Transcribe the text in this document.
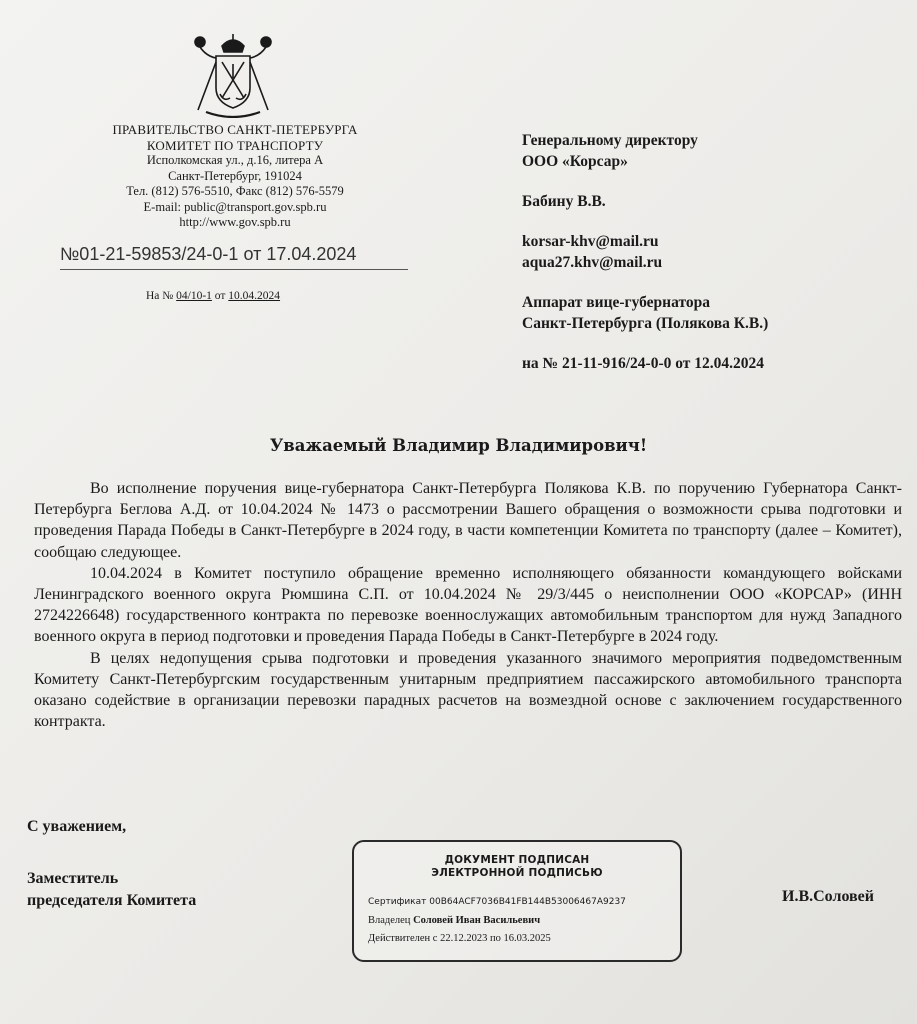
ПРАВИТЕЛЬСТВО САНКТ-ПЕТЕРБУРГА
КОМИТЕТ ПО ТРАНСПОРТУ
Исполкомская ул., д.16, литера А
Санкт-Петербург, 191024
Тел. (812) 576-5510, Факс (812) 576-5579
E-mail: public@transport.gov.spb.ru
http://www.gov.spb.ru
№01-21-59853/24-0-1 от 17.04.2024
На № 04/10-1 от 10.04.2024
Генеральному директору
ООО «Корсар»
Бабину В.В.
korsar-khv@mail.ru
aqua27.khv@mail.ru
Аппарат вице-губернатора
Санкт-Петербурга (Полякова К.В.)
на № 21-11-916/24-0-0 от 12.04.2024
Уважаемый Владимир Владимирович!

Во исполнение поручения вице-губернатора Санкт-Петербурга Полякова К.В. по поручению Губернатора Санкт-Петербурга Беглова А.Д. от 10.04.2024 № 1473 о рассмотрении Вашего обращения о возможности срыва подготовки и проведения Парада Победы в Санкт-Петербурге в 2024 году, в части компетенции Комитета по транспорту (далее – Комитет), сообщаю следующее.

10.04.2024 в Комитет поступило обращение временно исполняющего обязанности командующего войсками Ленинградского военного округа Рюмшина С.П. от 10.04.2024 № 29/3/445 о неисполнении ООО «КОРСАР» (ИНН 2724226648) государственного контракта по перевозке военнослужащих автомобильным транспортом для нужд Западного военного округа в период подготовки и проведения Парада Победы в Санкт-Петербурге в 2024 году.

В целях недопущения срыва подготовки и проведения указанного значимого мероприятия подведомственным Комитету Санкт-Петербургским государственным унитарным предприятием пассажирского автомобильного транспорта оказано содействие в организации перевозки парадных расчетов на возмездной основе с заключением государственного контракта.

С уважением,
Заместитель
председателя Комитета
ДОКУМЕНТ ПОДПИСАН
ЭЛЕКТРОННОЙ ПОДПИСЬЮ
Сертификат 00B64ACF7036B41FB144B53006467A9237
Владелец Соловей Иван Васильевич
Действителен с 22.12.2023 по 16.03.2025
И.В.Соловей
